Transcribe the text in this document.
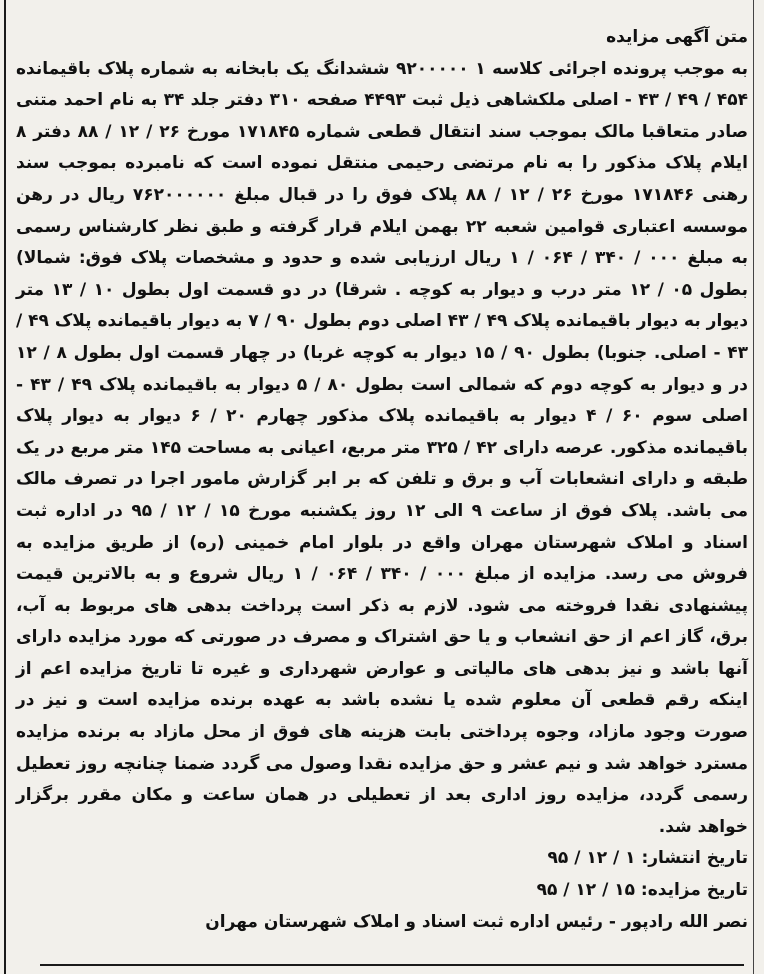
متن آگهی مزایده

به موجب پرونده اجرائی کلاسه ۱ ۹۲۰۰۰۰۰ ششدانگ یک بابخانه به شماره پلاک باقیمانده ۴۵۴ / ۴۹ / ۴۳ - اصلی ملکشاهی ذیل ثبت ۴۴۹۳ صفحه ۳۱۰ دفتر جلد ۳۴ به نام احمد متنی صادر متعاقبا مالک بموجب سند انتقال قطعی شماره ۱۷۱۸۴۵ مورخ ۲۶ / ۱۲ / ۸۸ دفتر ۸ ایلام پلاک مذکور را به نام مرتضی رحیمی منتقل نموده است که نامبرده بموجب سند رهنی ۱۷۱۸۴۶ مورخ ۲۶ / ۱۲ / ۸۸ پلاک فوق را در قبال مبلغ ۷۶۲۰۰۰۰۰۰ ریال در رهن موسسه اعتباری قوامین شعبه ۲۲ بهمن ایلام قرار گرفته و طبق نظر کارشناس رسمی به مبلغ ۰۰۰ / ۳۴۰ / ۰۶۴ / ۱ ریال ارزیابی شده و حدود و مشخصات پلاک فوق: شمالا) بطول ۰۵ / ۱۲ متر درب و دیوار به کوچه . شرقا) در دو قسمت اول بطول ۱۰ / ۱۳ متر دیوار به دیوار باقیمانده پلاک ۴۹ / ۴۳ اصلی دوم بطول ۹۰ / ۷ به دیوار باقیمانده پلاک ۴۹ / ۴۳ - اصلی. جنوبا) بطول ۹۰ / ۱۵ دیوار به کوچه غربا) در چهار قسمت اول بطول ۸ / ۱۲ در و دیوار به کوچه دوم که شمالی است بطول ۸۰ / ۵ دیوار به باقیمانده پلاک ۴۹ / ۴۳ - اصلی سوم ۶۰ / ۴ دیوار به باقیمانده پلاک مذکور چهارم ۲۰ / ۶ دیوار به دیوار پلاک باقیمانده مذکور. عرصه دارای ۴۲ / ۳۲۵ متر مربع، اعیانی به مساحت ۱۴۵ متر مربع در یک طبقه و دارای انشعابات آب و برق و تلفن که بر ابر گزارش مامور اجرا در تصرف مالک می باشد. پلاک فوق از ساعت ۹ الی ۱۲ روز یکشنبه مورخ ۱۵ / ۱۲ / ۹۵ در اداره ثبت اسناد و املاک شهرستان مهران واقع در بلوار امام خمینی (ره) از طریق مزایده به فروش می رسد. مزایده از مبلغ ۰۰۰ / ۳۴۰ / ۰۶۴ / ۱ ریال شروع و به بالاترین قیمت پیشنهادی نقدا فروخته می شود. لازم به ذکر است پرداخت بدهی های مربوط به آب، برق، گاز اعم از حق انشعاب و یا حق اشتراک و مصرف در صورتی که مورد مزایده دارای آنها باشد و نیز بدهی های مالیاتی و عوارض شهرداری و غیره تا تاریخ مزایده اعم از اینکه رقم قطعی آن معلوم شده یا نشده باشد به عهده برنده مزایده است و نیز در صورت وجود مازاد، وجوه پرداختی بابت هزینه های فوق از محل مازاد به برنده مزایده مسترد خواهد شد و نیم عشر و حق مزایده نقدا وصول می گردد ضمنا چنانچه روز تعطیل رسمی گردد، مزایده روز اداری بعد از تعطیلی در همان ساعت و مکان مقرر برگزار خواهد شد.

تاریخ انتشار: ۱ / ۱۲ / ۹۵

تاریخ مزایده: ۱۵ / ۱۲ / ۹۵

نصر الله رادپور - رئیس اداره ثبت اسناد و املاک شهرستان مهران
